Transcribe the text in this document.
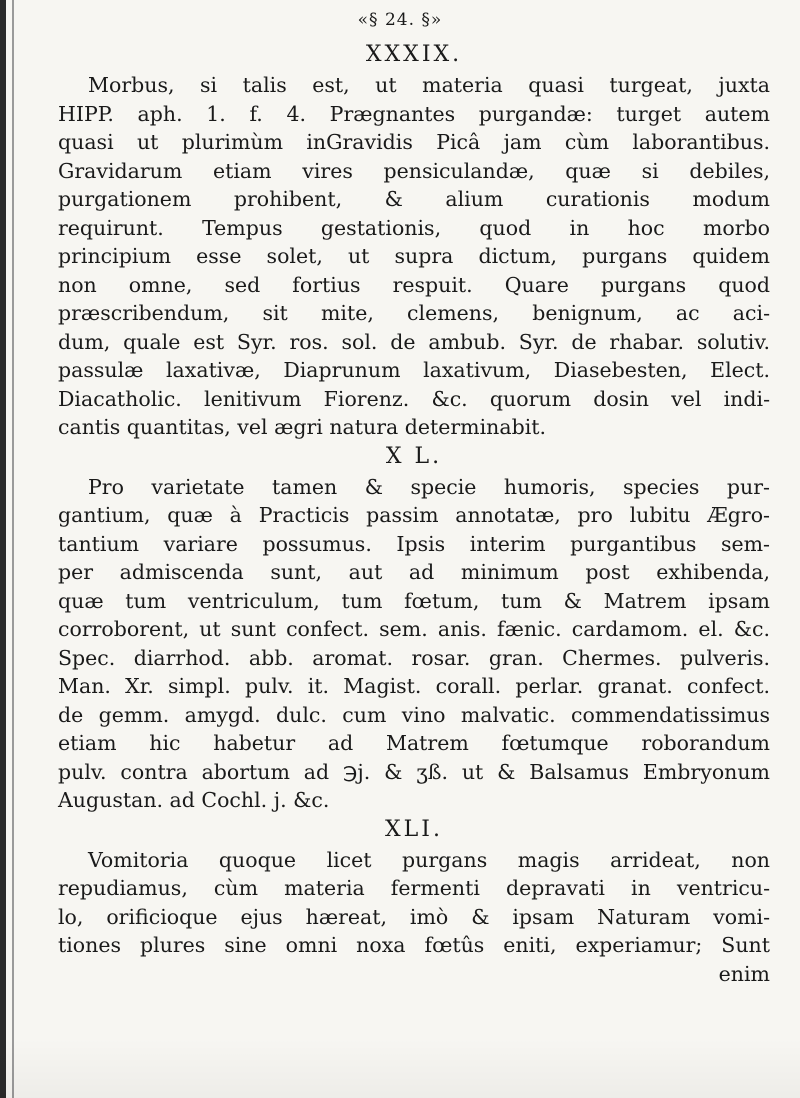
«§ 24. §»
XXXIX.
Morbus, si talis est, ut materia quasi turgeat, juxta
HIPP. aph. 1. f. 4. Prægnantes purgandæ: turget autem
quasi ut plurimùm inGravidis Picâ jam cùm laborantibus.
Gravidarum etiam vires pensiculandæ, quæ si debiles,
purgationem prohibent, & alium curationis modum
requirunt. Tempus gestationis, quod in hoc morbo
principium esse solet, ut supra dictum, purgans quidem
non omne, sed fortius respuit. Quare purgans quod
præscribendum, sit mite, clemens, benignum, ac aci-
dum, quale est Syr. ros. sol. de ambub. Syr. de rhabar. solutiv.
passulæ laxativæ, Diaprunum laxativum, Diasebesten, Elect.
Diacatholic. lenitivum Fiorenz. &c. quorum dosin vel indi-
cantis quantitas, vel ægri natura determinabit.
X L.
Pro varietate tamen & specie humoris, species pur-
gantium, quæ à Practicis passim annotatæ, pro lubitu Ægro-
tantium variare possumus. Ipsis interim purgantibus sem-
per admiscenda sunt, aut ad minimum post exhibenda,
quæ tum ventriculum, tum fœtum, tum & Matrem ipsam
corroborent, ut sunt confect. sem. anis. fænic. cardamom. el. &c.
Spec. diarrhod. abb. aromat. rosar. gran. Chermes. pulveris.
Man. Xr. simpl. pulv. it. Magist. corall. perlar. granat. confect.
de gemm. amygd. dulc. cum vino malvatic. commendatissimus
etiam hic habetur ad Matrem fœtumque roborandum
pulv. contra abortum ad ℈j. & ʒß. ut & Balsamus Embryonum
Augustan. ad Cochl. j. &c.
XLI.
Vomitoria quoque licet purgans magis arrideat, non
repudiamus, cùm materia fermenti depravati in ventricu-
lo, orificioque ejus hæreat, imò & ipsam Naturam vomi-
tiones plures sine omni noxa fœtûs eniti, experiamur; Sunt
enim
